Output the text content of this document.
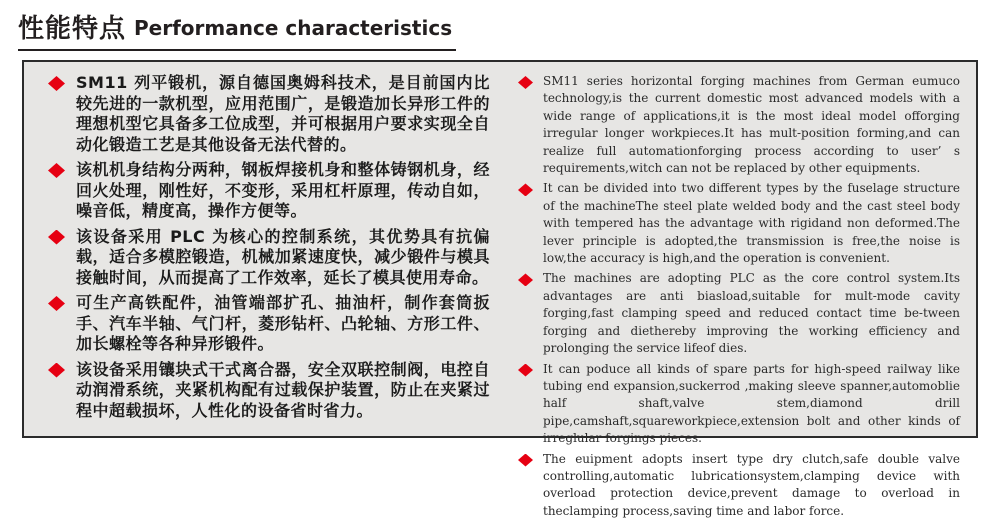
性能特点 Performance characteristics

SM11 列平锻机，源自德国奥姆科技术，是目前国内比较先进的一款机型，应用范围广，是锻造加长异形工件的理想机型它具备多工位成型，并可根据用户要求实现全自动化锻造工艺是其他设备无法代替的。

该机机身结构分两种，钢板焊接机身和整体铸钢机身，经回火处理，刚性好，不变形，采用杠杆原理，传动自如，噪音低，精度高，操作方便等。

该设备采用 PLC 为核心的控制系统，其优势具有抗偏载，适合多模腔锻造，机械加紧速度快，减少锻件与模具接触时间，从而提高了工作效率，延长了模具使用寿命。

可生产高铁配件，油管端部扩孔、抽油杆，制作套筒扳手、汽车半轴、气门杆，菱形钻杆、凸轮轴、方形工件、加长螺栓等各种异形锻件。

该设备采用镶块式干式离合器，安全双联控制阀，电控自动润滑系统，夹紧机构配有过载保护装置，防止在夹紧过程中超载损坏，人性化的设备省时省力。

SM11 series horizontal forging machines from German eumuco technology,is the current domestic most advanced models with a wide range of applications,it is the most ideal model offorging irregular longer workpieces.It has mult-position forming,and can realize full automationforging process according to user’ s requirements,witch can not be replaced by other equipments.

It can be divided into two different types by the fuselage structure of the machineThe steel plate welded body and the cast steel body with tempered has the advantage with rigidand non deformed.The lever principle is adopted,the transmission is free,the noise is low,the accuracy is high,and the operation is convenient.

The machines are adopting PLC as the core control system.Its advantages are anti biasload,suitable for mult-mode cavity forging,fast clamping speed and reduced contact time be-tween forging and diethereby improving the working efficiency and prolonging the service lifeof dies.

It can poduce all kinds of spare parts for high-speed railway like tubing end expansion,suckerrod ,making sleeve spanner,automoblie half shaft,valve stem,diamond drill pipe,camshaft,squareworkpiece,extension bolt and other kinds of irreglular forgings pieces.

The euipment adopts insert type dry clutch,safe double valve controlling,automatic lubricationsystem,clamping device with overload protection device,prevent damage to overload in theclamping process,saving time and labor force.
